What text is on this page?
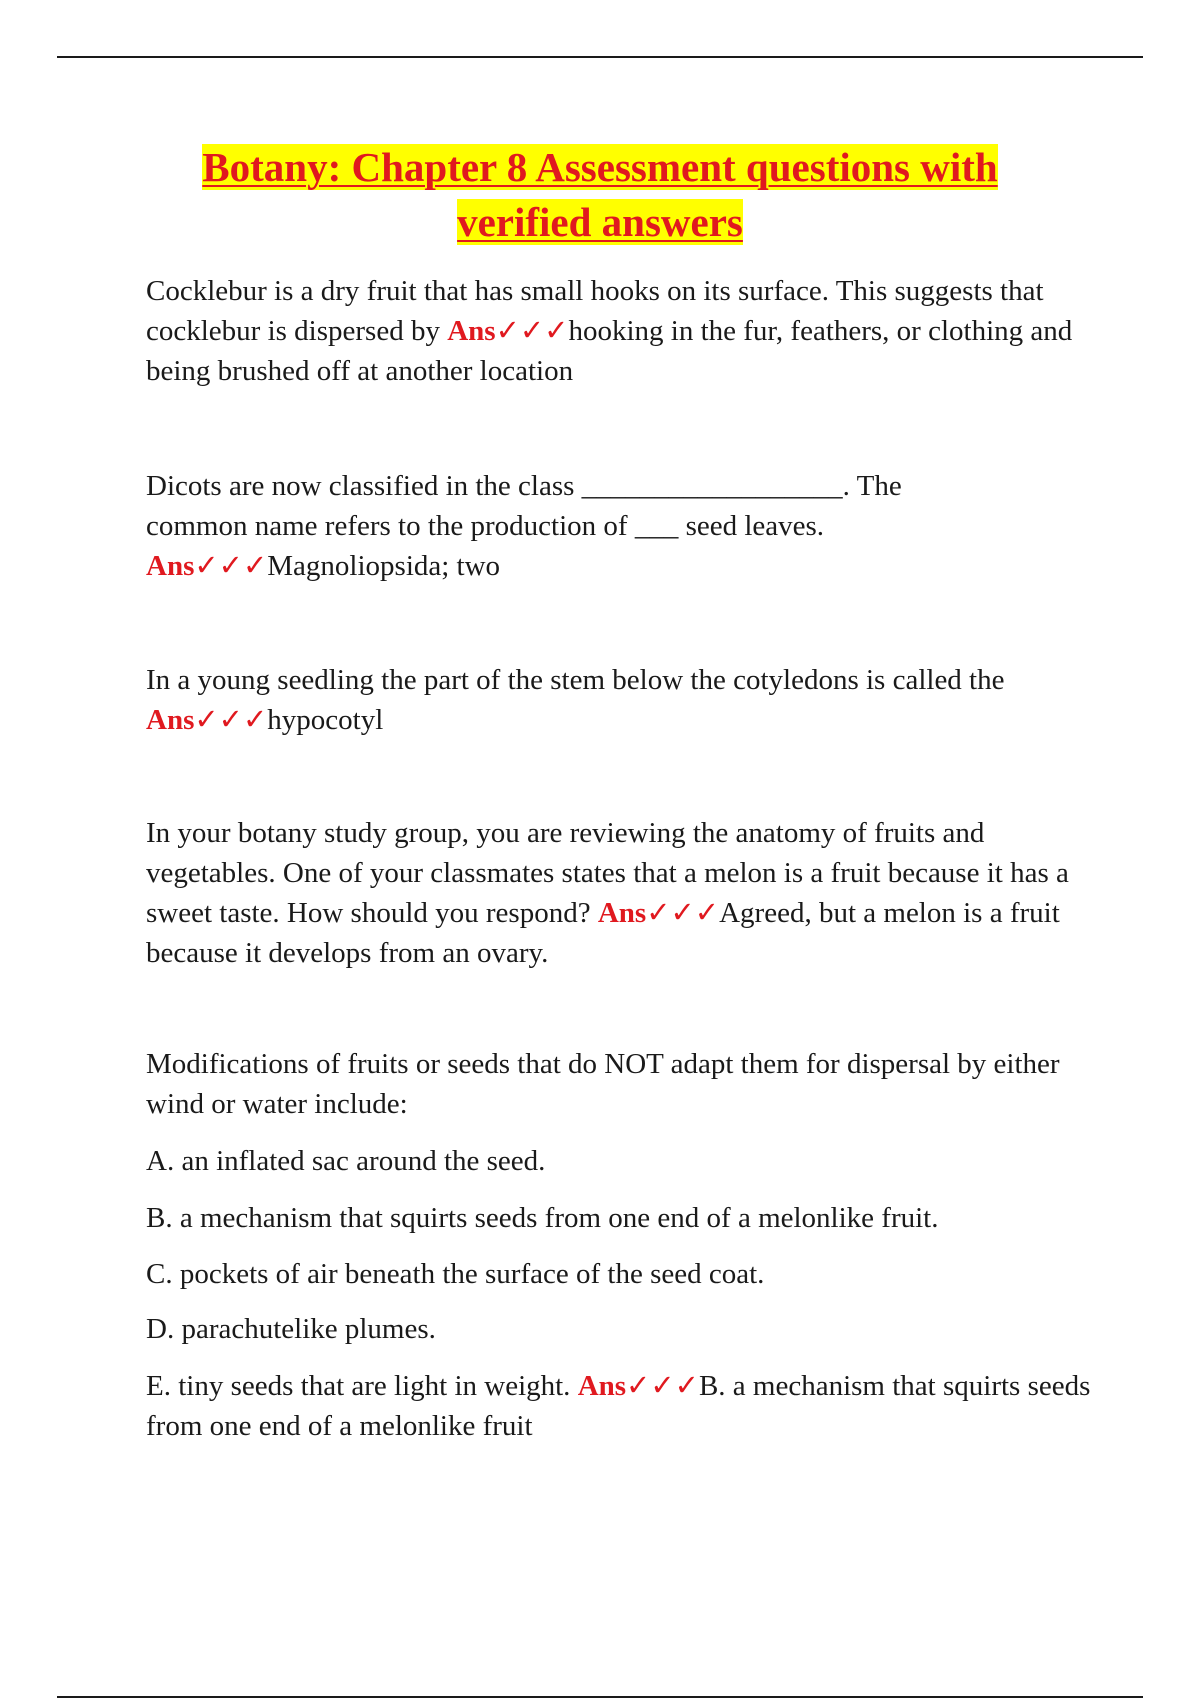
Botany: Chapter 8 Assessment questions with
verified answers
Cocklebur is a dry fruit that has small hooks on its surface. This suggests that cocklebur is dispersed by Ans✓✓✓hooking in the fur, feathers, or clothing and being brushed off at another location
Dicots are now classified in the class __________________. The common name refers to the production of ___ seed leaves.
Ans✓✓✓Magnoliopsida; two
In a young seedling the part of the stem below the cotyledons is called the Ans✓✓✓hypocotyl
In your botany study group, you are reviewing the anatomy of fruits and vegetables. One of your classmates states that a melon is a fruit because it has a sweet taste. How should you respond? Ans✓✓✓Agreed, but a melon is a fruit because it develops from an ovary.
Modifications of fruits or seeds that do NOT adapt them for dispersal by either wind or water include:
A. an inflated sac around the seed.
B. a mechanism that squirts seeds from one end of a melonlike fruit.
C. pockets of air beneath the surface of the seed coat.
D. parachutelike plumes.
E. tiny seeds that are light in weight. Ans✓✓✓B. a mechanism that squirts seeds from one end of a melonlike fruit
